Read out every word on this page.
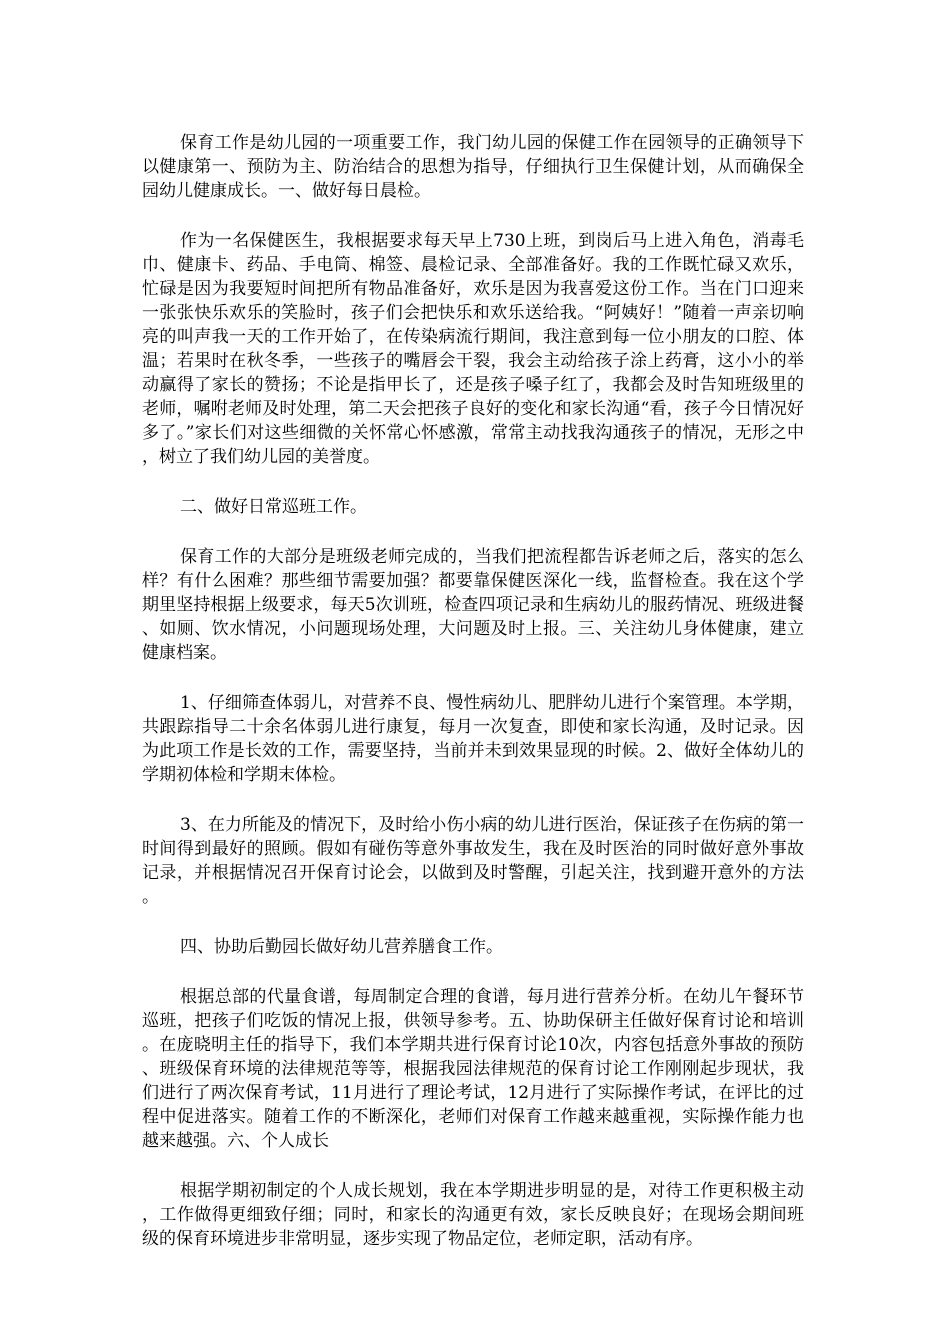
保育工作是幼儿园的一项重要工作，我门幼儿园的保健工作在园领导的正确领导下以健康第一、预防为主、防治结合的思想为指导，仔细执行卫生保健计划，从而确保全园幼儿健康成长。一、做好每日晨检。

作为一名保健医生，我根据要求每天早上730上班，到岗后马上进入角色，消毒毛巾、健康卡、药品、手电筒、棉签、晨检记录、全部准备好。我的工作既忙碌又欢乐，忙碌是因为我要短时间把所有物品准备好，欢乐是因为我喜爱这份工作。当在门口迎来一张张快乐欢乐的笑脸时，孩子们会把快乐和欢乐送给我。“阿姨好！”随着一声亲切响亮的叫声我一天的工作开始了，在传染病流行期间，我注意到每一位小朋友的口腔、体温；若果时在秋冬季，一些孩子的嘴唇会干裂，我会主动给孩子涂上药膏，这小小的举动赢得了家长的赞扬；不论是指甲长了，还是孩子嗓子红了，我都会及时告知班级里的老师，嘱咐老师及时处理，第二天会把孩子良好的变化和家长沟通“看，孩子今日情况好多了。”家长们对这些细微的关怀常心怀感激，常常主动找我沟通孩子的情况，无形之中，树立了我们幼儿园的美誉度。

二、做好日常巡班工作。

保育工作的大部分是班级老师完成的，当我们把流程都告诉老师之后，落实的怎么样？有什么困难？那些细节需要加强？都要靠保健医深化一线，监督检查。我在这个学期里坚持根据上级要求，每天5次训班，检查四项记录和生病幼儿的服药情况、班级进餐、如厕、饮水情况，小问题现场处理，大问题及时上报。三、关注幼儿身体健康，建立健康档案。

1、仔细筛查体弱儿，对营养不良、慢性病幼儿、肥胖幼儿进行个案管理。本学期，共跟踪指导二十余名体弱儿进行康复，每月一次复查，即使和家长沟通，及时记录。因为此项工作是长效的工作，需要坚持，当前并未到效果显现的时候。2、做好全体幼儿的学期初体检和学期末体检。

3、在力所能及的情况下，及时给小伤小病的幼儿进行医治，保证孩子在伤病的第一时间得到最好的照顾。假如有碰伤等意外事故发生，我在及时医治的同时做好意外事故记录，并根据情况召开保育讨论会，以做到及时警醒，引起关注，找到避开意外的方法。

四、协助后勤园长做好幼儿营养膳食工作。

根据总部的代量食谱，每周制定合理的食谱，每月进行营养分析。在幼儿午餐环节巡班，把孩子们吃饭的情况上报，供领导参考。五、协助保研主任做好保育讨论和培训。在庞晓明主任的指导下，我们本学期共进行保育讨论10次，内容包括意外事故的预防、班级保育环境的法律规范等等，根据我园法律规范的保育讨论工作刚刚起步现状，我们进行了两次保育考试，11月进行了理论考试，12月进行了实际操作考试，在评比的过程中促进落实。随着工作的不断深化，老师们对保育工作越来越重视，实际操作能力也越来越强。六、个人成长

根据学期初制定的个人成长规划，我在本学期进步明显的是，对待工作更积极主动，工作做得更细致仔细；同时，和家长的沟通更有效，家长反映良好；在现场会期间班级的保育环境进步非常明显，逐步实现了物品定位，老师定职，活动有序。
